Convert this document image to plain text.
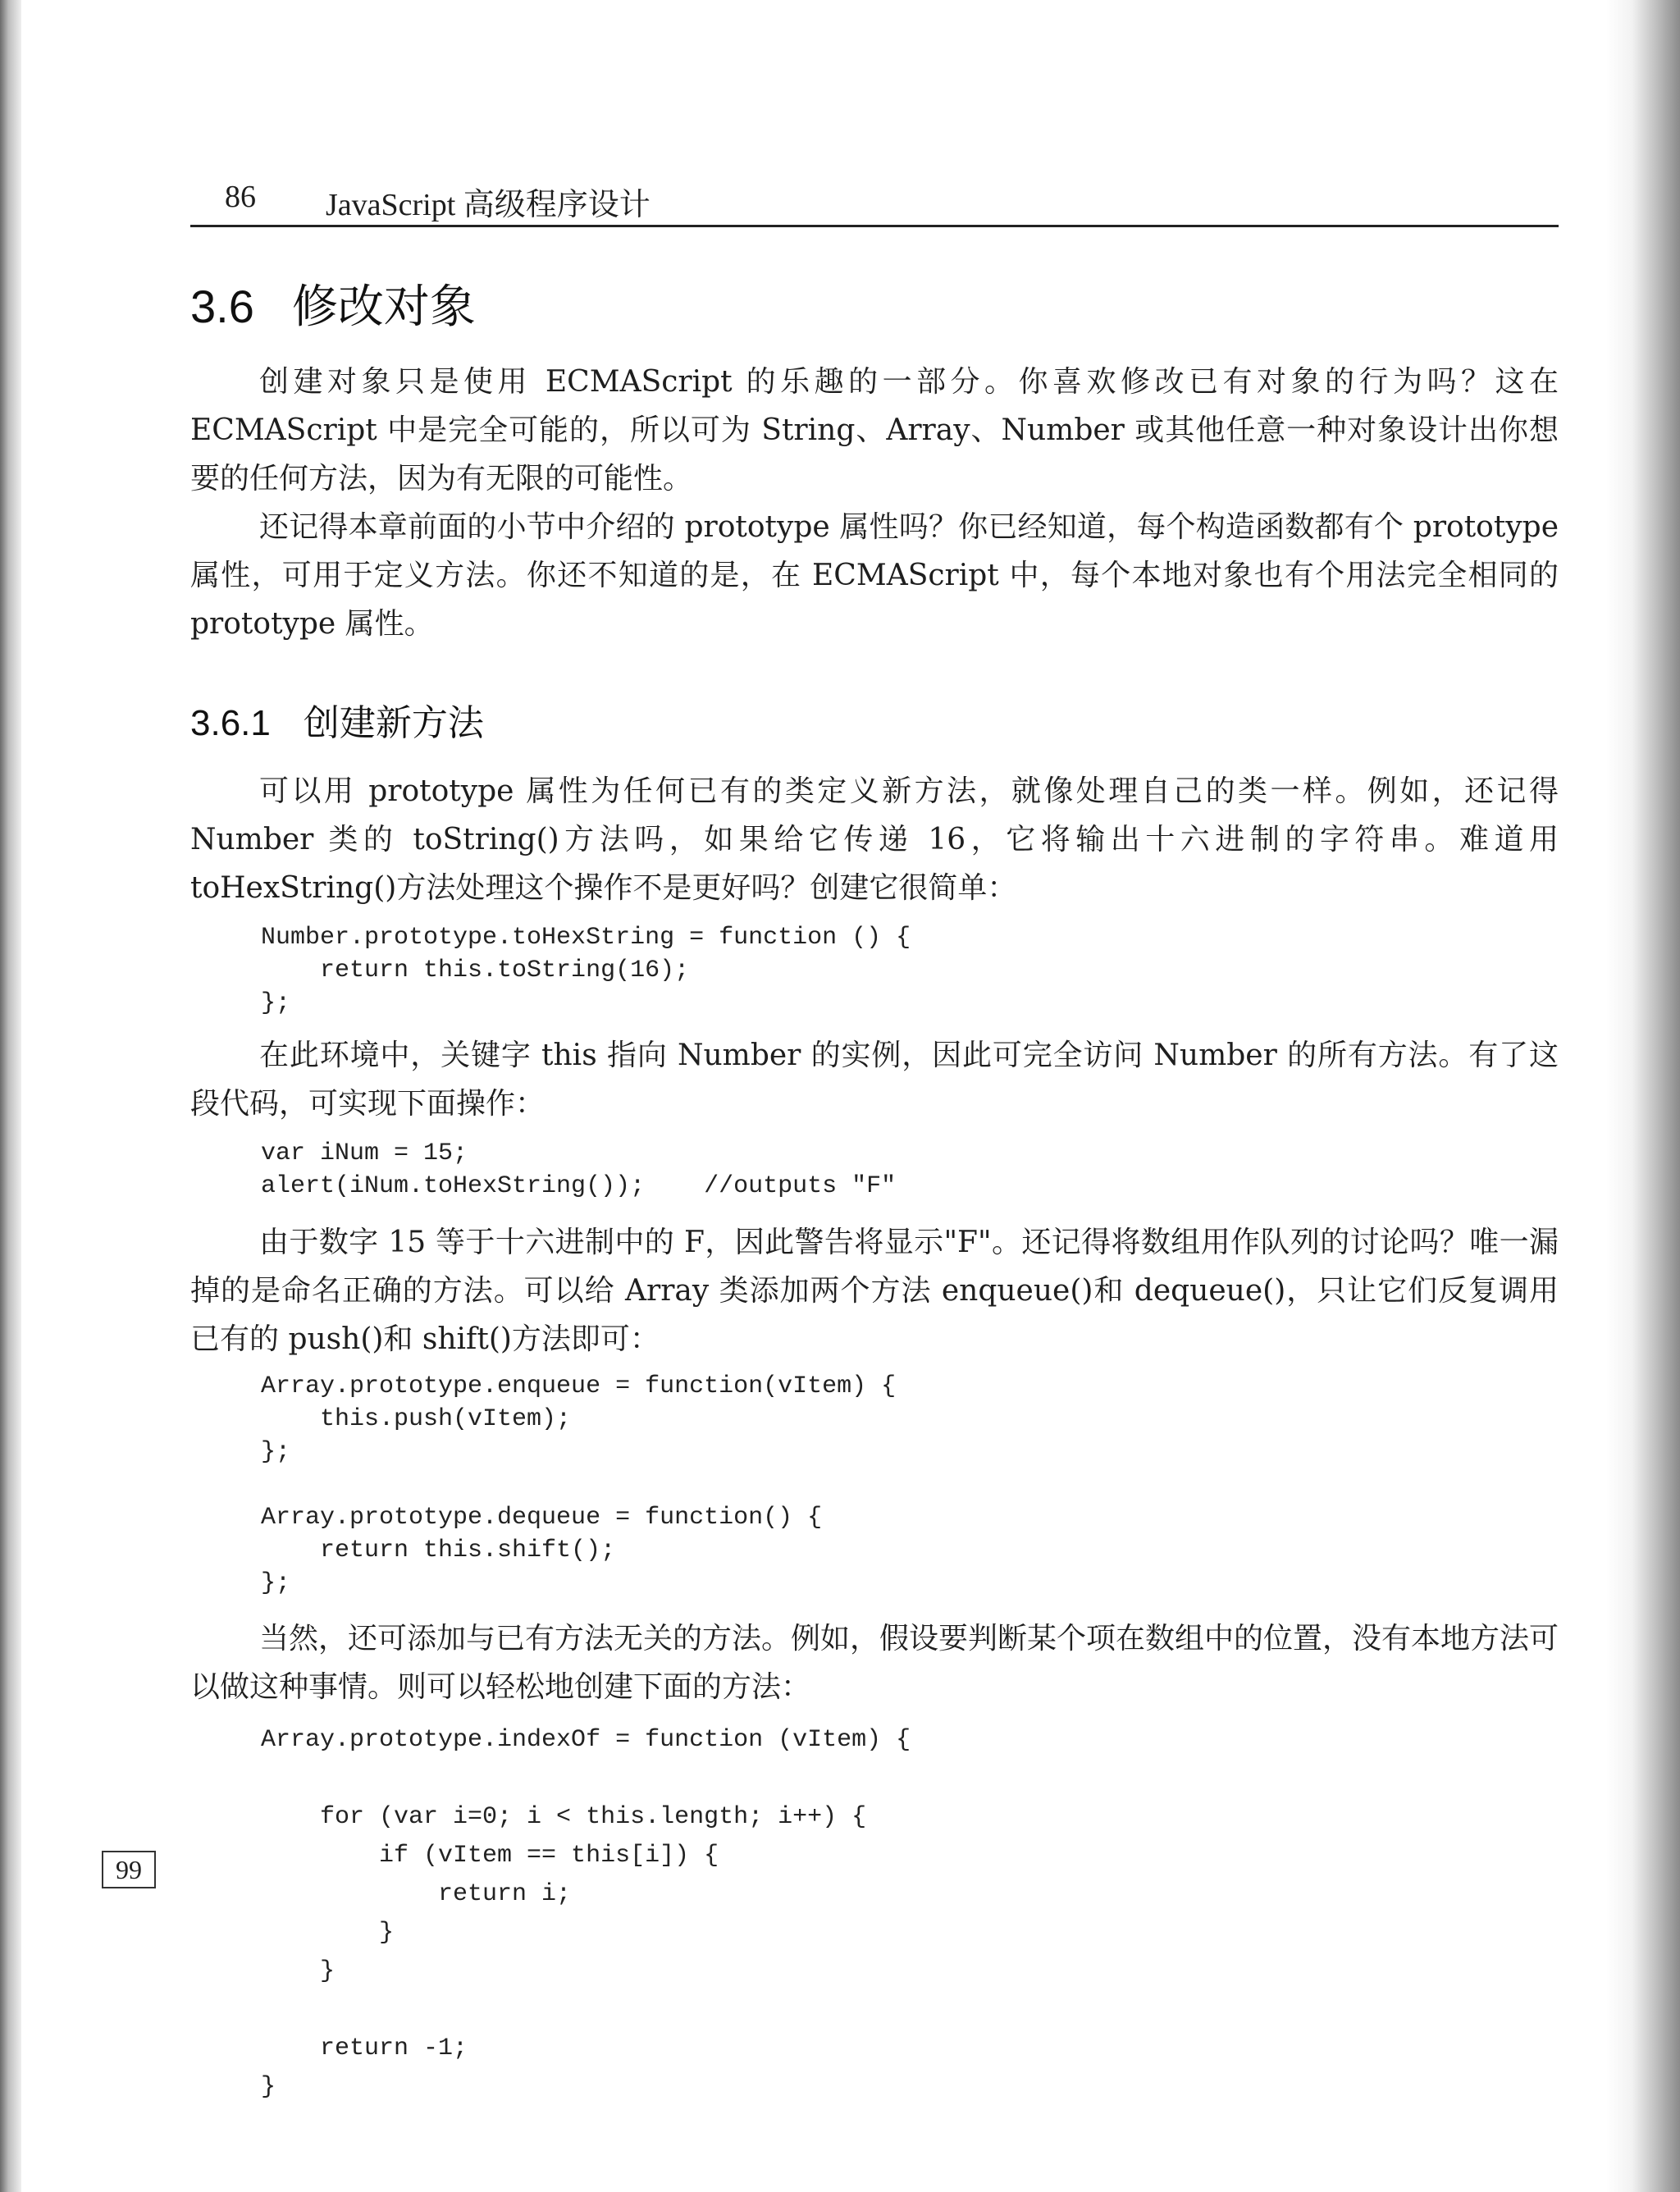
86 JavaScript 高级程序设计
3.6 修改对象
创建对象只是使用 ECMAScript 的乐趣的一部分。你喜欢修改已有对象的行为吗？这在 ECMAScript 中是完全可能的，所以可为 String、Array、Number 或其他任意一种对象设计出你想要的任何方法，因为有无限的可能性。
还记得本章前面的小节中介绍的 prototype 属性吗？你已经知道，每个构造函数都有个 prototype 属性，可用于定义方法。你还不知道的是，在 ECMAScript 中，每个本地对象也有个用法完全相同的 prototype 属性。
3.6.1 创建新方法
可以用 prototype 属性为任何已有的类定义新方法，就像处理自己的类一样。例如，还记得 Number 类的 toString()方法吗，如果给它传递 16，它将输出十六进制的字符串。难道用 toHexString()方法处理这个操作不是更好吗？创建它很简单：
Number.prototype.toHexString = function () {
return this.toString(16);
};
在此环境中，关键字 this 指向 Number 的实例，因此可完全访问 Number 的所有方法。有了这段代码，可实现下面操作：
var iNum = 15;
alert(iNum.toHexString());    //outputs "F"
由于数字 15 等于十六进制中的 F，因此警告将显示"F"。还记得将数组用作队列的讨论吗？唯一漏掉的是命名正确的方法。可以给 Array 类添加两个方法 enqueue()和 dequeue()，只让它们反复调用已有的 push()和 shift()方法即可：
Array.prototype.enqueue = function(vItem) {
this.push(vItem);
};

Array.prototype.dequeue = function() {
return this.shift();
};
当然，还可添加与已有方法无关的方法。例如，假设要判断某个项在数组中的位置，没有本地方法可以做这种事情。则可以轻松地创建下面的方法：
Array.prototype.indexOf = function (vItem) {

for (var i=0; i < this.length; i++) {
if (vItem == this[i]) {
return i;
}
}

return -1;
}
99
